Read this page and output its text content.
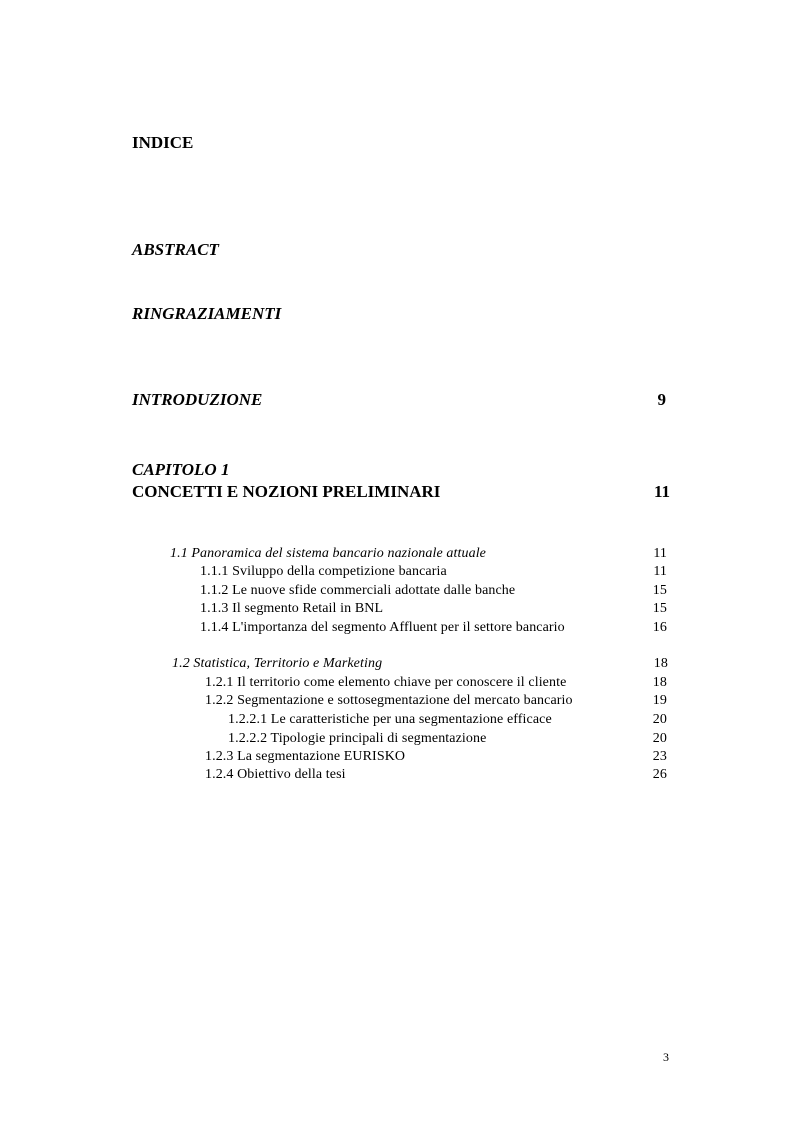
INDICE
ABSTRACT
RINGRAZIAMENTI
INTRODUZIONE	9
CAPITOLO 1
CONCETTI E NOZIONI PRELIMINARI	11
1.1 Panoramica del sistema bancario nazionale attuale	11
1.1.1 Sviluppo della competizione bancaria	11
1.1.2 Le nuove sfide commerciali adottate dalle banche	15
1.1.3 Il segmento Retail in BNL	15
1.1.4 L'importanza del segmento Affluent per il settore bancario	16
1.2 Statistica, Territorio e Marketing	18
1.2.1 Il territorio come elemento chiave per conoscere il cliente	18
1.2.2 Segmentazione e sottosegmentazione del mercato bancario	19
1.2.2.1 Le caratteristiche per una segmentazione efficace	20
1.2.2.2 Tipologie principali di segmentazione	20
1.2.3 La segmentazione EURISKO	23
1.2.4 Obiettivo della tesi	26
3
